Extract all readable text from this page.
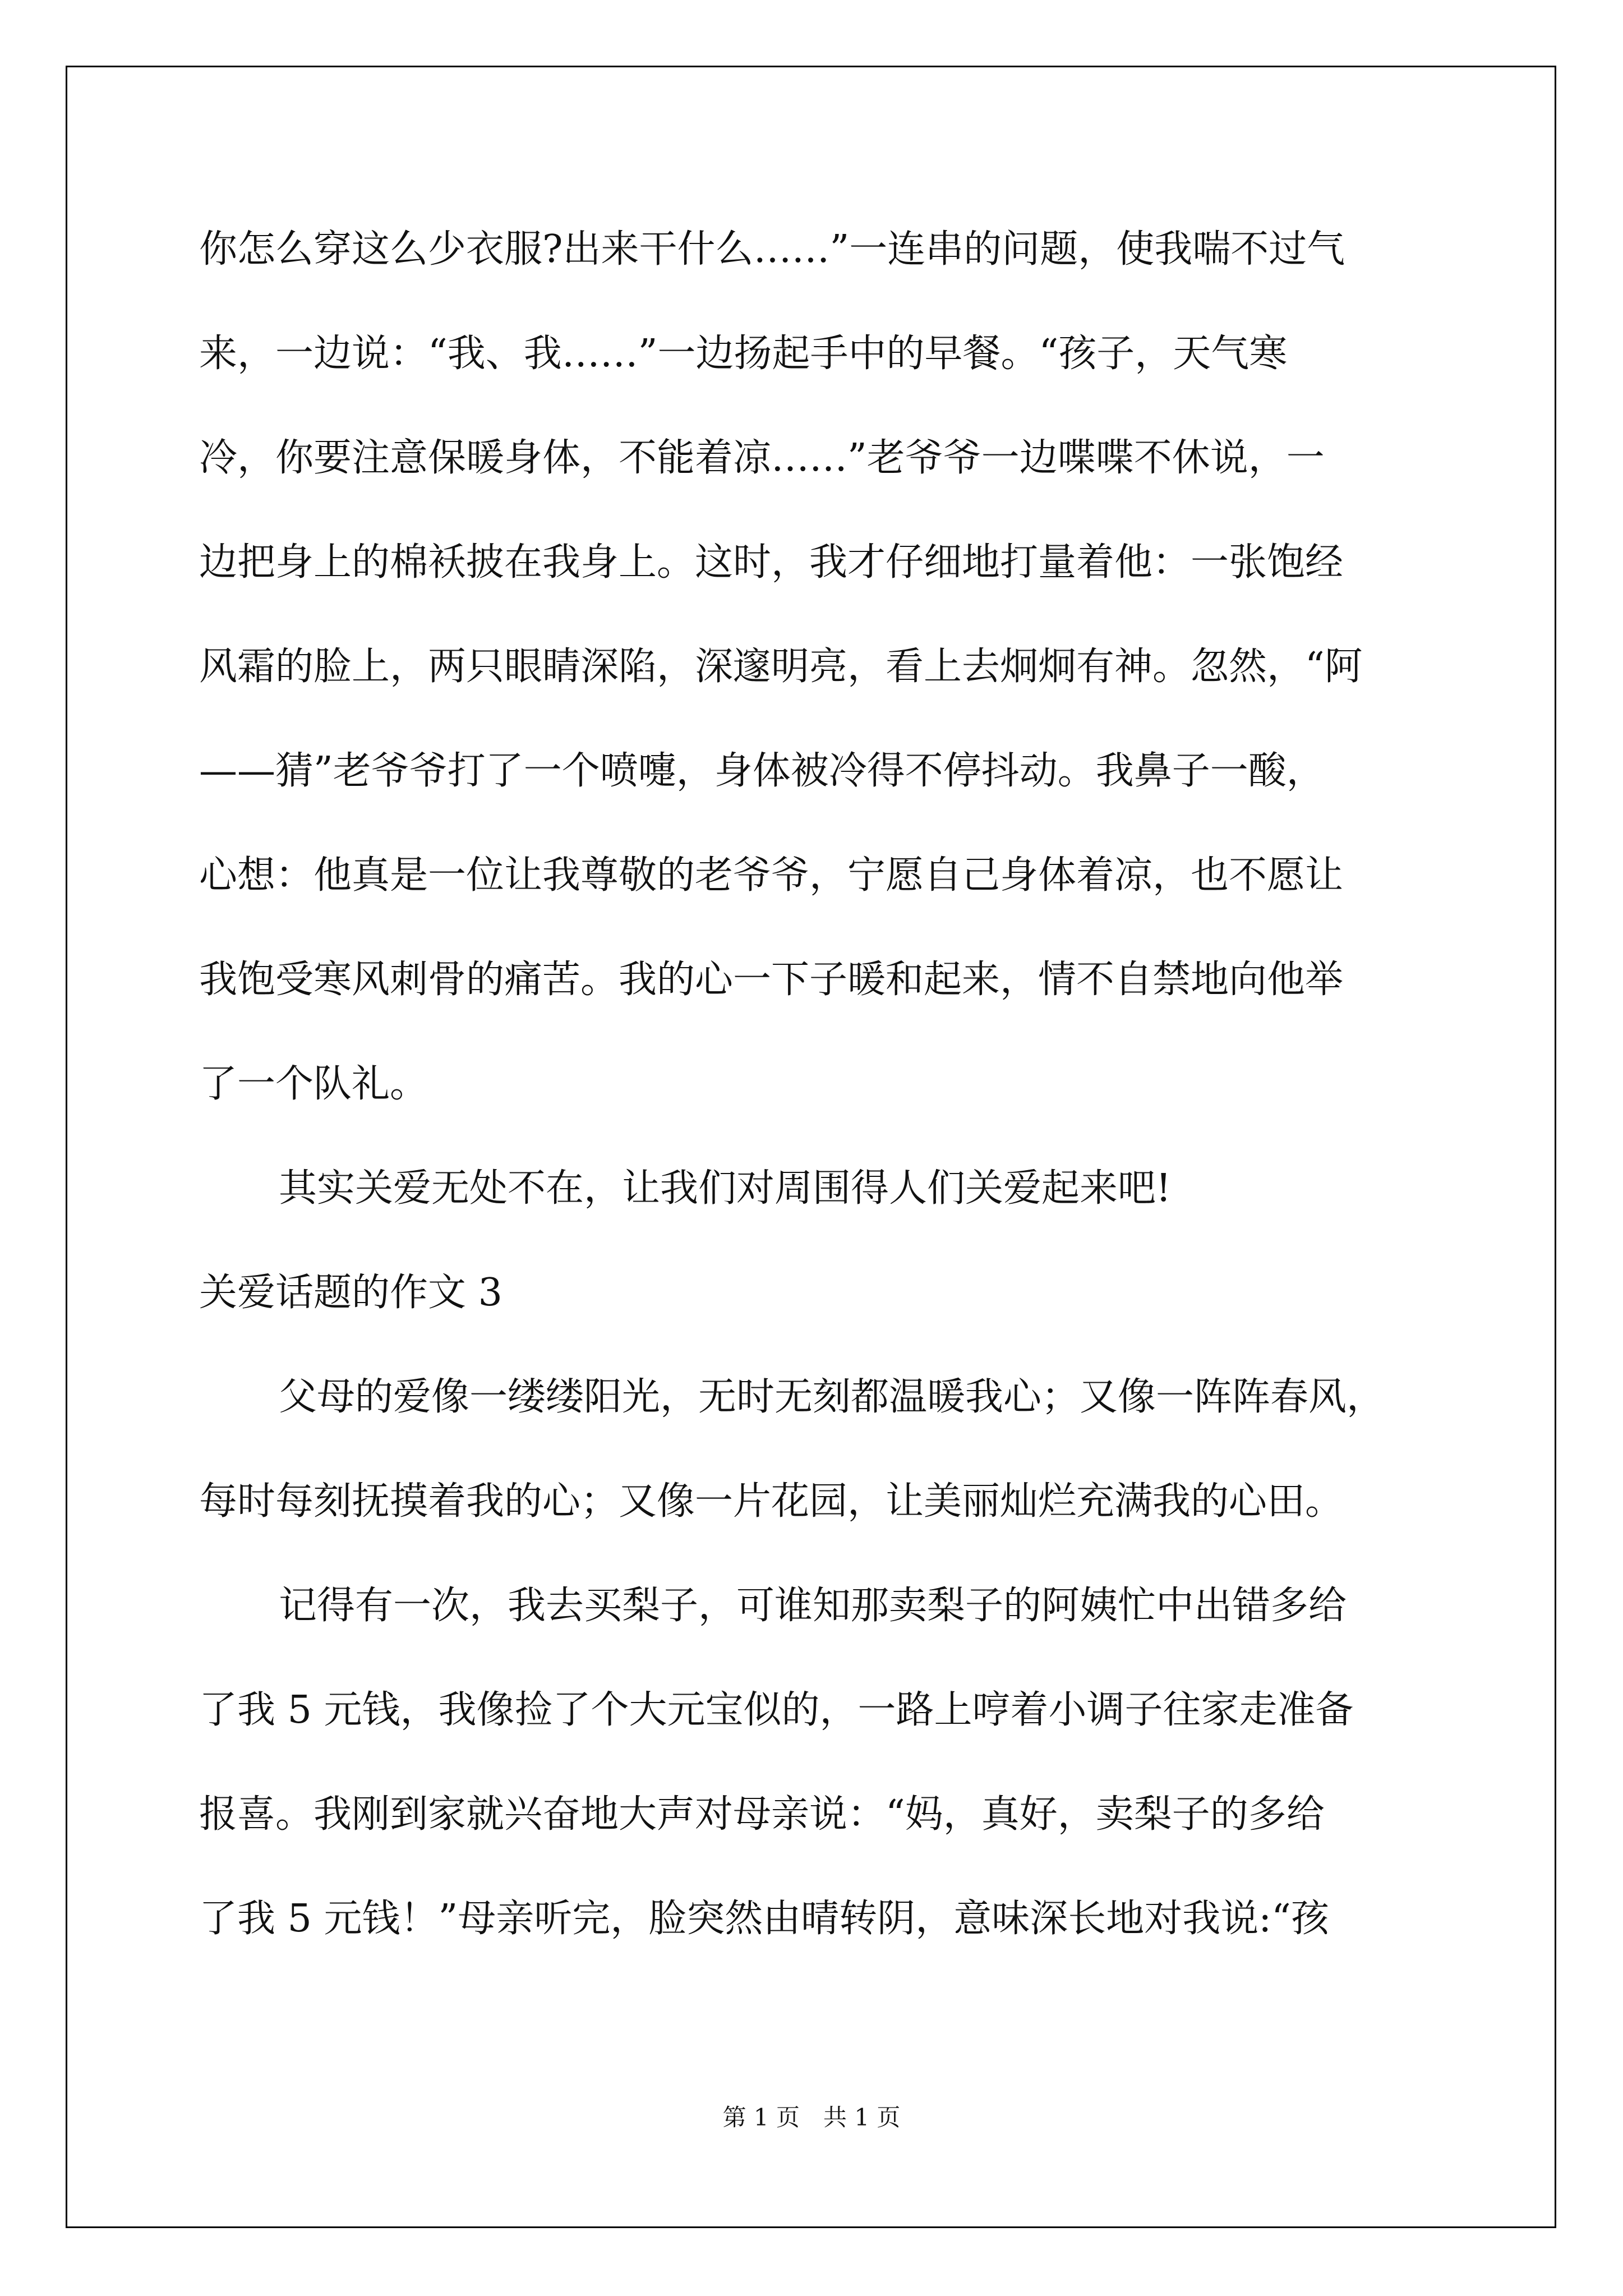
你怎么穿这么少衣服?出来干什么……”一连串的问题，使我喘不过气
来，一边说：“我、我……”一边扬起手中的早餐。“孩子，天气寒
冷，你要注意保暖身体，不能着凉……”老爷爷一边喋喋不休说，一
边把身上的棉袄披在我身上。这时，我才仔细地打量着他：一张饱经
风霜的脸上，两只眼睛深陷，深邃明亮，看上去炯炯有神。忽然，“阿
——猜”老爷爷打了一个喷嚏，身体被冷得不停抖动。我鼻子一酸，
心想：他真是一位让我尊敬的老爷爷，宁愿自己身体着凉，也不愿让
我饱受寒风刺骨的痛苦。我的心一下子暖和起来，情不自禁地向他举
了一个队礼。
其实关爱无处不在，让我们对周围得人们关爱起来吧!
关爱话题的作文 3
父母的爱像一缕缕阳光，无时无刻都温暖我心；又像一阵阵春风，
每时每刻抚摸着我的心；又像一片花园，让美丽灿烂充满我的心田。
记得有一次，我去买梨子，可谁知那卖梨子的阿姨忙中出错多给
了我 5 元钱，我像捡了个大元宝似的，一路上哼着小调子往家走准备
报喜。我刚到家就兴奋地大声对母亲说：“妈，真好，卖梨子的多给
了我 5 元钱！”母亲听完，脸突然由晴转阴，意味深长地对我说:“孩
第 1 页 共 1 页
